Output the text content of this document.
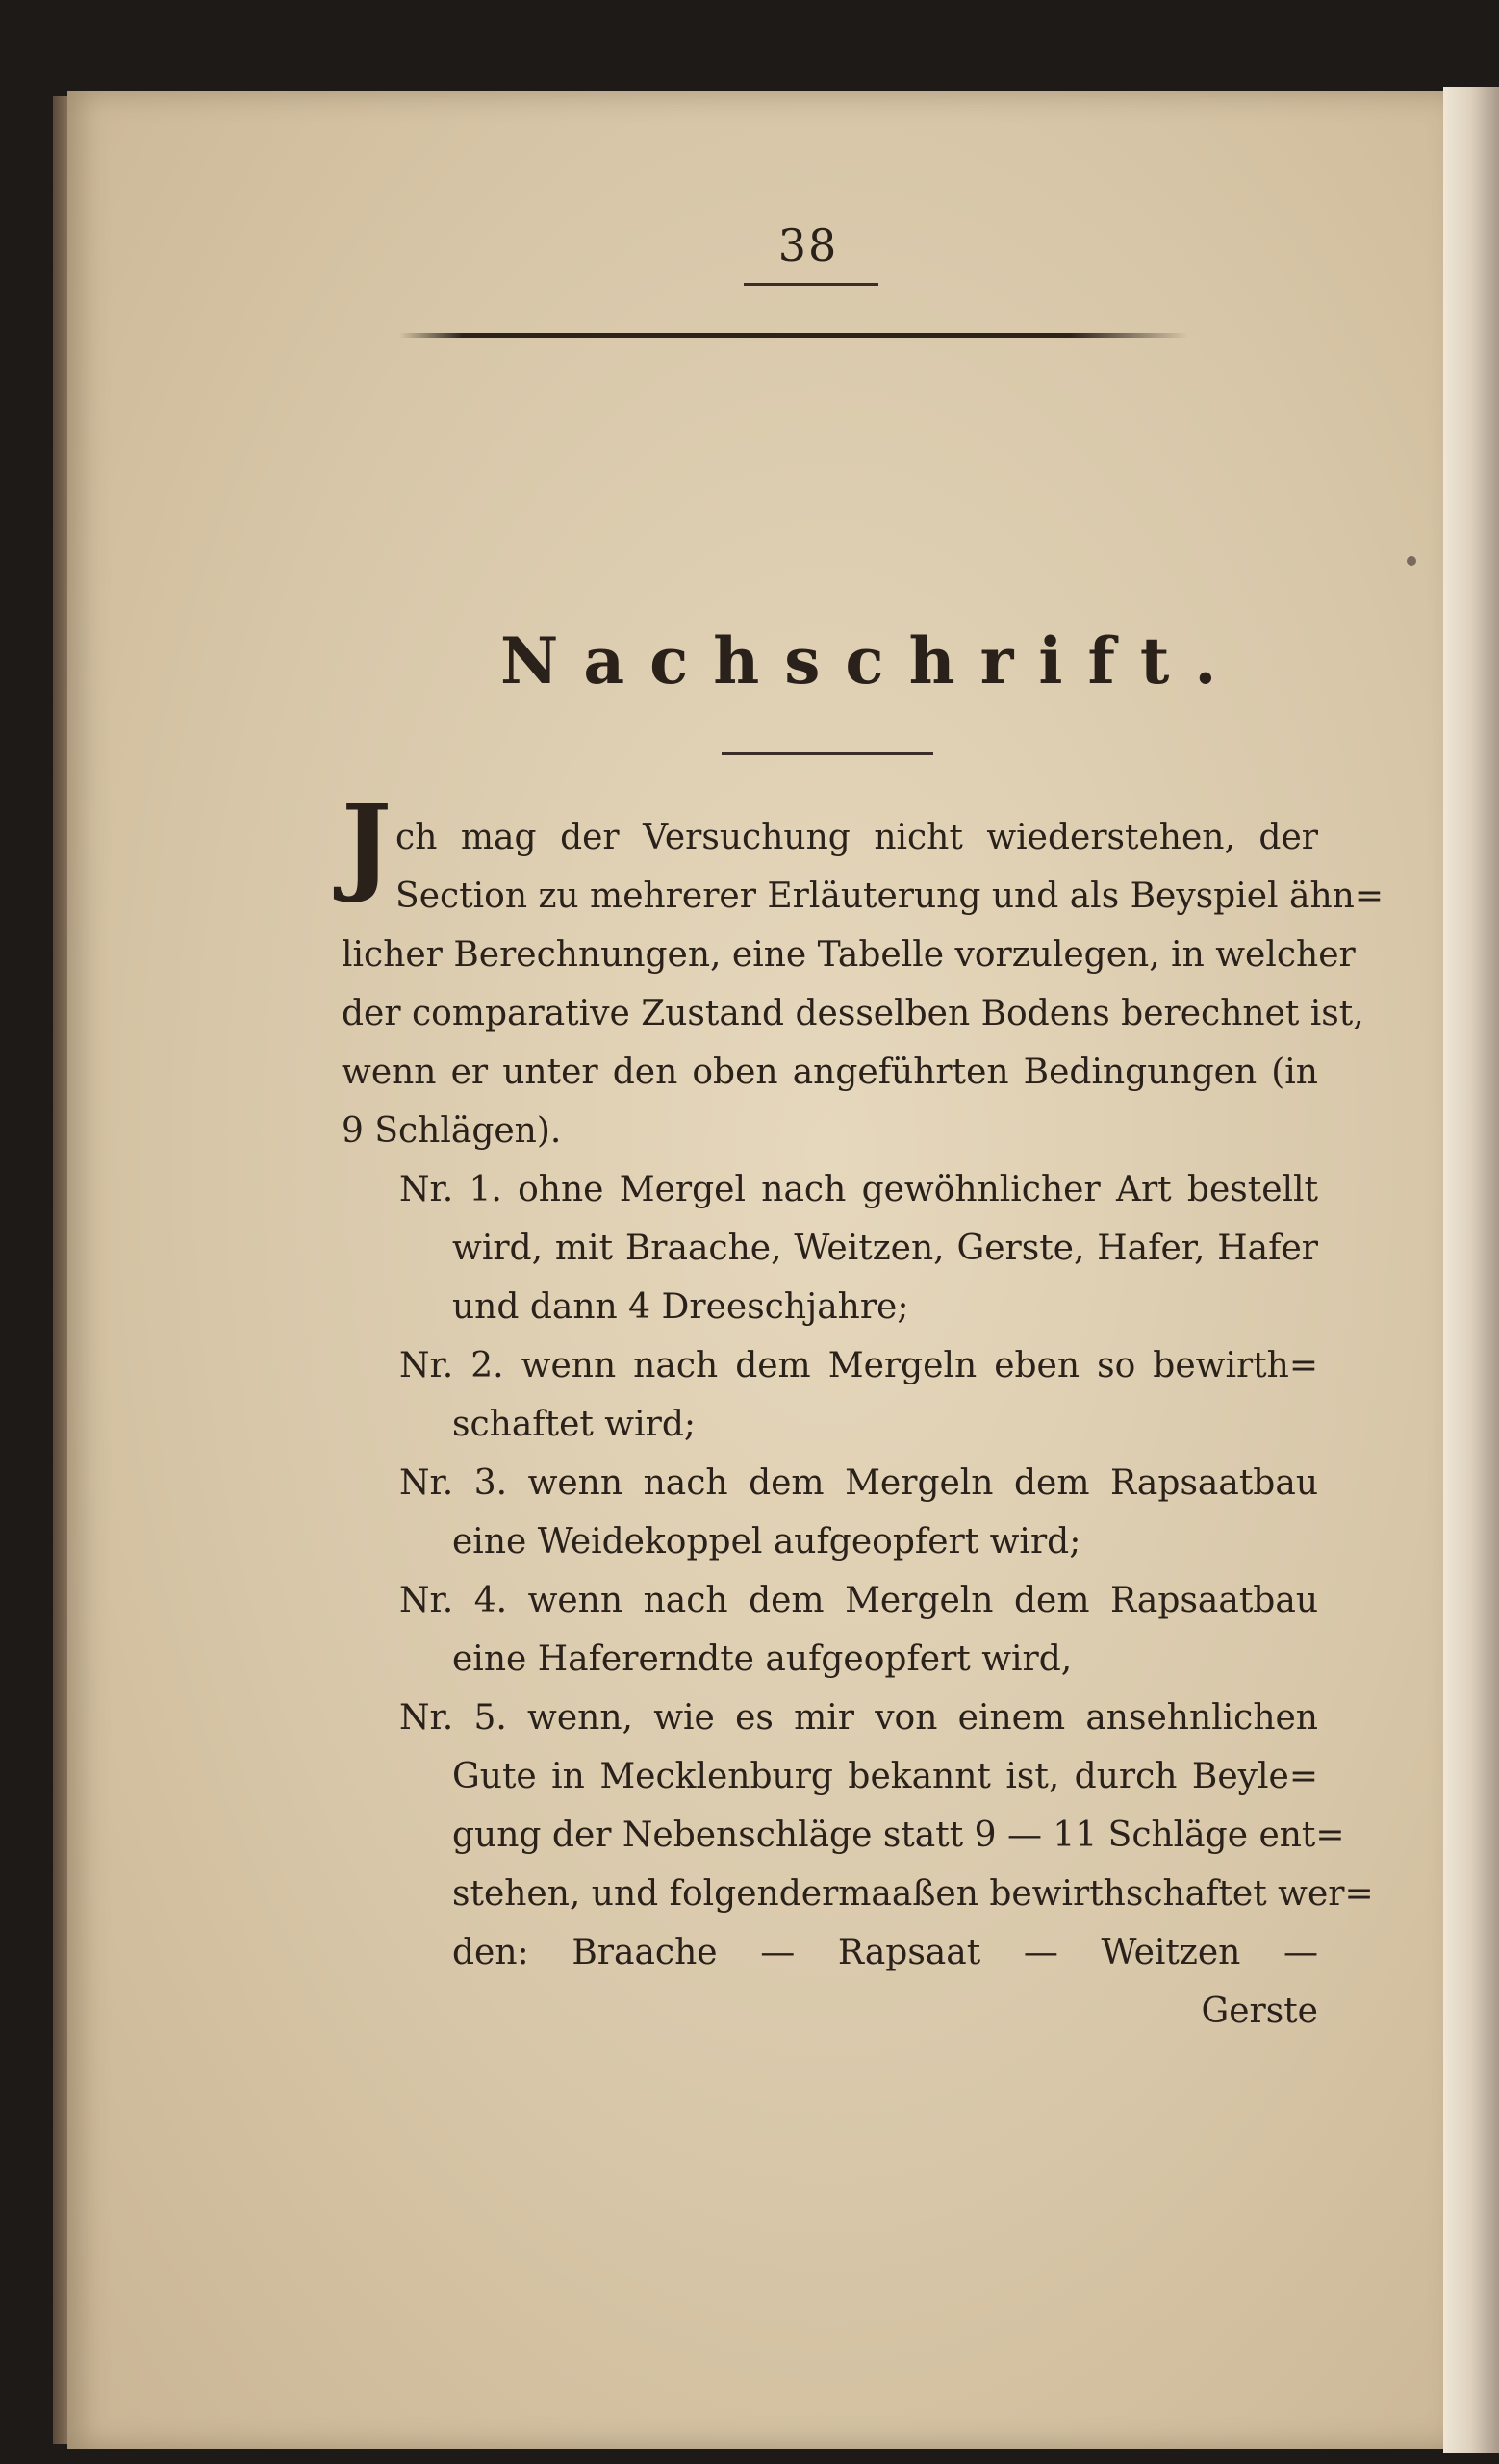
38
Nachschrift.
Jch mag der Versuchung nicht wiederstehen, der
Section zu mehrerer Erläuterung und als Beyspiel ähn=
licher Berechnungen, eine Tabelle vorzulegen, in welcher
der comparative Zustand desselben Bodens berechnet ist,
wenn er unter den oben angeführten Bedingungen (in
9 Schlägen).
Nr. 1. ohne Mergel nach gewöhnlicher Art bestellt
wird, mit Braache, Weitzen, Gerste, Hafer, Hafer
und dann 4 Dreeschjahre;
Nr. 2. wenn nach dem Mergeln eben so bewirth=
schaftet wird;
Nr. 3. wenn nach dem Mergeln dem Rapsaatbau
eine Weidekoppel aufgeopfert wird;
Nr. 4. wenn nach dem Mergeln dem Rapsaatbau
eine Hafererndte aufgeopfert wird,
Nr. 5. wenn, wie es mir von einem ansehnlichen
Gute in Mecklenburg bekannt ist, durch Beyle=
gung der Nebenschläge statt 9 — 11 Schläge ent=
stehen, und folgendermaaßen bewirthschaftet wer=
den: Braache — Rapsaat — Weitzen —
Gerste
